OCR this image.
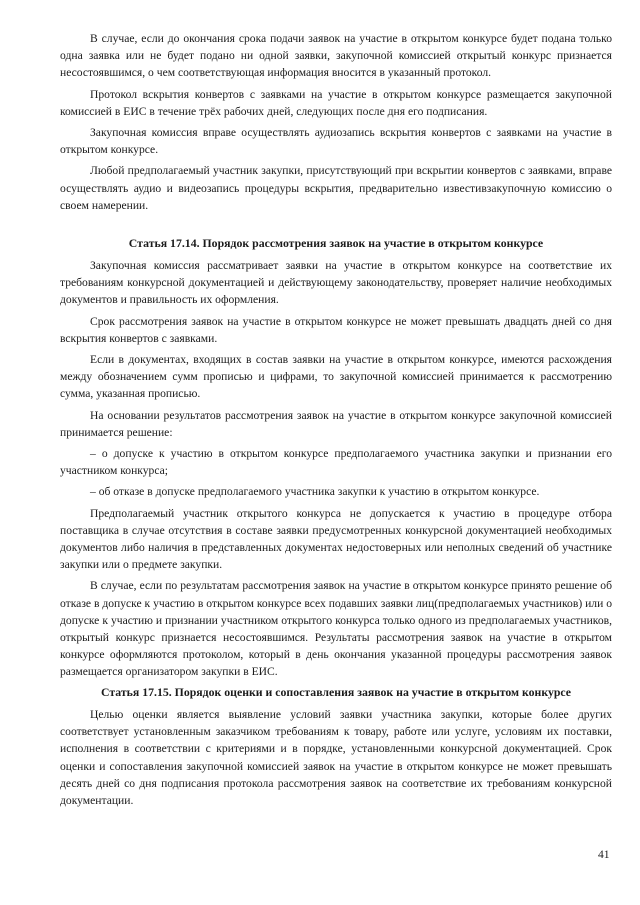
В случае, если до окончания срока подачи заявок на участие в открытом конкурсе будет подана только одна заявка или не будет подано ни одной заявки, закупочной комиссией открытый конкурс признается несостоявшимся, о чем соответствующая информация вносится в указанный протокол.

Протокол вскрытия конвертов с заявками на участие в открытом конкурсе размещается закупочной комиссией в ЕИС в течение трёх рабочих дней, следующих после дня его подписания.

Закупочная комиссия вправе осуществлять аудиозапись вскрытия конвертов с заявками на участие в открытом конкурсе.

Любой предполагаемый участник закупки, присутствующий при вскрытии конвертов с заявками, вправе осуществлять аудио и видеозапись процедуры вскрытия, предварительно известивзакупочную комиссию о своем намерении.

Статья 17.14. Порядок рассмотрения заявок на участие в открытом конкурсе

Закупочная комиссия рассматривает заявки на участие в открытом конкурсе на соответствие их требованиям конкурсной документацией и действующему законодательству, проверяет наличие необходимых документов и правильность их оформления.

Срок рассмотрения заявок на участие в открытом конкурсе не может превышать двадцать дней со дня вскрытия конвертов с заявками.

Если в документах, входящих в состав заявки на участие в открытом конкурсе, имеются расхождения между обозначением сумм прописью и цифрами, то закупочной комиссией принимается к рассмотрению сумма, указанная прописью.

На основании результатов рассмотрения заявок на участие в открытом конкурсе закупочной комиссией принимается решение:

– о допуске к участию в открытом конкурсе предполагаемого участника закупки и признании его участником конкурса;

– об отказе в допуске предполагаемого участника закупки к участию в открытом конкурсе.

Предполагаемый участник открытого конкурса не допускается к участию в процедуре отбора поставщика в случае отсутствия в составе заявки предусмотренных конкурсной документацией необходимых документов либо наличия в представленных документах недостоверных или неполных сведений об участнике закупки или о предмете закупки.

В случае, если по результатам рассмотрения заявок на участие в открытом конкурсе принято решение об отказе в допуске к участию в открытом конкурсе всех подавших заявки лиц(предполагаемых участников) или о допуске к участию и признании участником открытого конкурса только одного из предполагаемых участников, открытый конкурс признается несостоявшимся. Результаты рассмотрения заявок на участие в открытом конкурсе оформляются протоколом, который в день окончания указанной процедуры рассмотрения заявок размещается организатором закупки в ЕИС.

Статья 17.15. Порядок оценки и сопоставления заявок на участие в открытом конкурсе

Целью оценки является выявление условий заявки участника закупки, которые более других соответствует установленным заказчиком требованиям к товару, работе или услуге, условиям их поставки, исполнения в соответствии с критериями и в порядке, установленными конкурсной документацией. Срок оценки и сопоставления закупочной комиссией заявок на участие в открытом конкурсе не может превышать десять дней со дня подписания протокола рассмотрения заявок на соответствие их требованиям конкурсной документации.

41
